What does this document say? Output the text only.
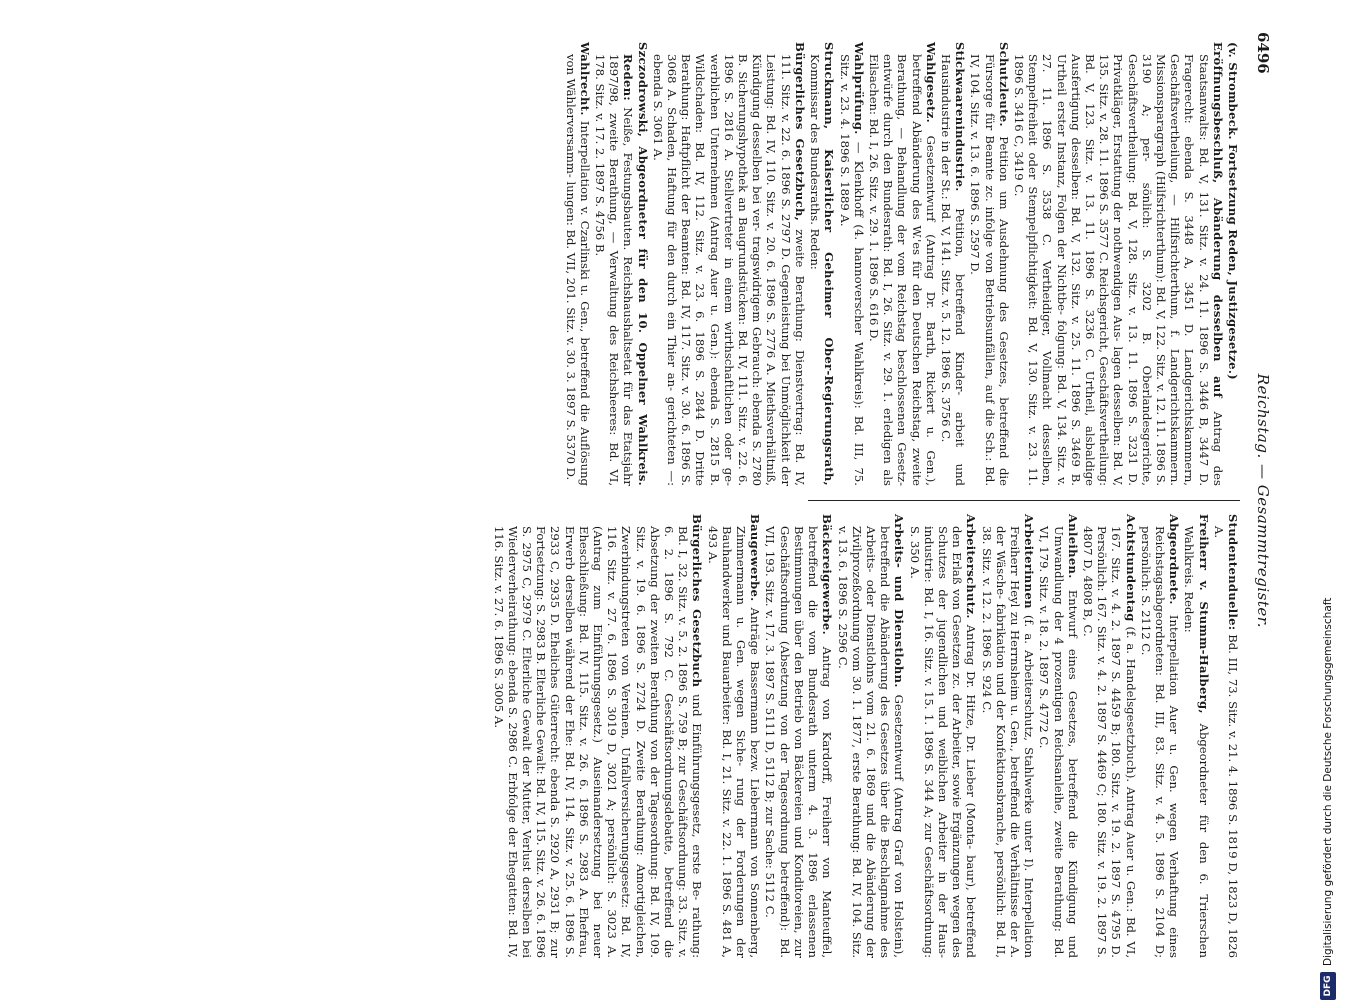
6496
Reichstag. — Gesammtregister.
(v. Strombeck. Fortsetzung Reden, Justizgesetze.)
Eröffnungsbeschluß, Abänderung desselben auf Antrag des Staatsanwalts: Bd. V, 131. Sitz. v. 24. 11. 1896 S. 3446 B, 3447 D. Fragerecht: ebenda S. 3448 A, 3451 D. Landgerichtskammern, Geschäftsvertheilung, — Hilfsrichterthum, f. Landgerichtskammern. Missionsparagraph (Hilfsrichterthum): Bd. V, 122. Sitz. v. 12. 11. 1896 S. 3190 A; per- sönlich: S. 3202 B. Oberlandesgerichte, Geschäftsvertheilung: Bd. V, 128. Sitz. v. 13. 11. 1896 S. 3231 D. Privatkläger, Erstattung der nothwendigen Aus- lagen desselben: Bd. V, 135. Sitz. v. 28. 11. 1896 S. 3577 C. Reichsgericht, Geschäftsvertheilung: Bd. V, 123. Sitz. v. 13. 11. 1896 S. 3236 C. Urtheil, alsbaldige Ausfertigung desselben: Bd. V, 132. Sitz. v. 25. 11. 1896 S. 3469 B. Urtheil erster Instanz, Folgen der Nichtbe- folgung: Bd. V, 134. Sitz. v. 27. 11. 1896 S. 3538 C. Vertheidiger, Vollmacht desselben, Stempelfreiheit oder Stempelpflichtigkeit: Bd. V, 130. Sitz. v. 23. 11. 1896 S. 3416 C, 3419 C.
Schutzleute. Petition um Ausdehnung des Gesetzes, betreffend die Fürsorge für Beamte zc. infolge von Betriebsunfällen, auf die Sch.: Bd. IV, 104. Sitz. v. 13. 6. 1896 S. 2597 D.
Stickwaarenindustrie. Petition, betreffend Kinder- arbeit und Hausindustrie in der St.: Bd. V, 141. Sitz. v. 5. 12. 1896 S. 3756 C.
Wahlgesetz. Gesetzentwurf (Antrag Dr. Barth, Rickert u. Gen.), betreffend Abänderung des W.'es für den Deutschen Reichstag, zweite Berathung, — Behandlung der vom Reichstag beschlossenen Gesetz- entwürfe durch den Bundesrath: Bd. I, 26. Sitz. v. 29. 1. erledigen als Eilsachen: Bd. I, 26. Sitz. v. 29. 1. 1896 S. 616 D.
Wahlprüfung. — Klenkhoff (4. hannoverscher Wahlkreis): Bd. III, 75. Sitz. v. 23. 4. 1896 S. 1889 A.
Struckmann, Kaiserlicher Geheimer Ober-Regierungsrath, Kommissar des Bundesraths. Reden:
Bürgerliches Gesetzbuch, zweite Berathung: Dienstvertrag: Bd. IV, 111. Sitz. v. 22. 6. 1896 S. 2797 D. Gegenleistung bei Unmöglichkeit der Leistung: Bd. IV, 110. Sitz. v. 20. 6. 1896 S. 2776 A. Miethsverhältniß, Kündigung desselben bei ver- tragswidrigem Gebrauch: ebenda S. 2780 B. Sicherungshypothek an Baugrundstücken: Bd. IV, 111. Sitz. v. 22. 6. 1896 S. 2816 A. Stellvertreter in einem wirthschaftlichen oder ge- werblichen Unternehmen (Antrag Auer u. Gen.): ebenda S. 2815 B. Wildschaden: Bd. IV, 112. Sitz. v. 23. 6. 1896 S. 2844 D. Dritte Berathung: Haftpflicht der Beamten: Bd. IV, 117. Sitz. v. 30. 6. 1896 S. 3068 A. Schaden, Haftung für den durch ein Thier an- gerichteten —: ebenda S. 3061 A.
Szczodrowski, Abgeordneter für den 10. Oppelner Wahlkreis. Reden: Neiße, Festungsbauten. Reichshaushaltsetat für das Etatsjahr 1897/98, zweite Berathung, — Verwaltung des Reichsheeres: Bd. VI, 178. Sitz. v. 17. 2. 1897 S. 4756 B.
Wahlrecht. Interpellation v. Czarlinski u. Gen., betreffend die Auflösung von Wählerversamm- lungen: Bd. VII, 201. Sitz. v. 30. 3. 1897 S. 5370 D.
Studentenduelle: Bd. III, 73. Sitz. v. 21. 4. 1896 S. 1819 D, 1823 D, 1826 A.
Freiherr v. Stumm-Halberg, Abgeordneter für den 6. Trierschen Wahlkreis. Reden:
Abgeordnete. Interpellation Auer u. Gen. wegen Verhaftung eines Reichstagsabgeordneten: Bd. III, 83. Sitz. v. 4. 5. 1896 S. 2104 D; persönlich: S. 2112 C.
Achtstundentag (f. a. Handelsgesetzbuch). Antrag Auer u. Gen.: Bd. VI, 167. Sitz. v. 4. 2. 1897 S. 4459 B; 180. Sitz. v. 19. 2. 1897 S. 4795 D. Persönlich: 167. Sitz. v. 4. 2. 1897 S. 4469 C; 180. Sitz. v. 19. 2. 1897 S. 4807 D, 4808 B, C.
Anleihen. Entwurf eines Gesetzes, betreffend die Kündigung und Umwandlung der 4 prozentigen Reichsanleihe, zweite Berathung: Bd. VI, 179. Sitz. v. 18. 2. 1897 S. 4772 C.
Arbeiterinnen (f. a. Arbeiterschutz, Stahlwerke unter I). Interpellation Freiherr Heyl zu Herrnsheim u. Gen., betreffend die Verhältnisse der A. der Wäsche- fabrikation und der Konfektionsbranche, persönlich: Bd. II, 38. Sitz. v. 12. 2. 1896 S. 924 C.
Arbeiterschutz. Antrag Dr. Hitze, Dr. Lieber (Monta- baur), betreffend den Erlaß von Gesetzen zc. der Arbeiter, sowie Ergänzungen wegen des Schutzes der jugendlichen und weiblichen Arbeiter in der Haus- industrie: Bd. I, 16. Sitz. v. 15. 1. 1896 S. 344 A; zur Geschäftsordnung: S. 350 A.
Arbeits- und Dienstlohn. Gesetzentwurf (Antrag Graf von Holstein), betreffend die Abänderung des Gesetzes über die Beschlagnahme des Arbeits- oder Dienstlohns vom 21. 6. 1869 und die Abänderung der Zivilprozeßordnung vom 30. 1. 1877, erste Berathung: Bd. IV, 104. Sitz. v. 13. 6. 1896 S. 2596 C.
Bäckereigewerbe. Antrag von Kardorff, Freiherr von Manteuffel, betreffend die vom Bundesrath unterm 4. 3. 1896 erlassenen Bestimmungen über den Betrieb von Bäckereien und Konditoreien, zur Geschäftsordnung (Absetzung von der Tagesordnung betreffend): Bd. VII, 193. Sitz. v. 17. 3. 1897 S. 5111 D, 5112 B; zur Sache: 5112 C.
Baugewerbe. Anträge Bassermann bezw. Liebermann von Sonnenberg, Zimmermann u. Gen. wegen Siche- rung der Forderungen der Bauhandwerker und Bauarbeiter: Bd. I, 21. Sitz. v. 22. 1. 1896 S. 481 A, 493 A.
Bürgerliches Gesetzbuch und Einführungsgesetz, erste Be- rathung: Bd. I, 32. Sitz. v. 5. 2. 1896 S. 759 B; zur Geschäftsordnung: 33. Sitz. v. 6. 2. 1896 S. 792 C. Geschäftsordnungsdebatte, betreffend die Absetzung der zweiten Berathung von der Tagesordnung: Bd. IV, 109. Sitz. v. 19. 6. 1896 S. 2724 D. Zweite Berathung: Amortigleichen, Zwerbindungstreten von Vereinen, Unfallversicherungsgesetz: Bd. IV, 116. Sitz. v. 27. 6. 1896 S. 3019 D, 3021 A; persönlich: S. 3023 A. (Antrag zum Einführungsgesetz.) Auseinandersetzung bei neuer Eheschließung: Bd. IV, 115. Sitz. v. 26. 6. 1896 S. 2983 A. Ehefrau, Erwerb derselben während der Ehe: Bd. IV, 114. Sitz. v. 25. 6. 1896 S. 2933 C, 2935 D. Eheliches Güterrecht: ebenda S. 2920 A, 2931 B; zur Fortsetzung: S. 2983 B. Elterliche Gewalt: Bd. IV, 115. Sitz. v. 26. 6. 1896 S. 2975 C, 2979 C. Elterliche Gewalt der Mutter, Verlust derselben bei Wiederverheirathung: ebenda S. 2986 C. Erbfolge der Ehegatten: Bd. IV, 116. Sitz. v. 27. 6. 1896 S. 3005 A.
DFG
Digitalisierung gefördert durch die Deutsche Forschungsgemeinschaft
